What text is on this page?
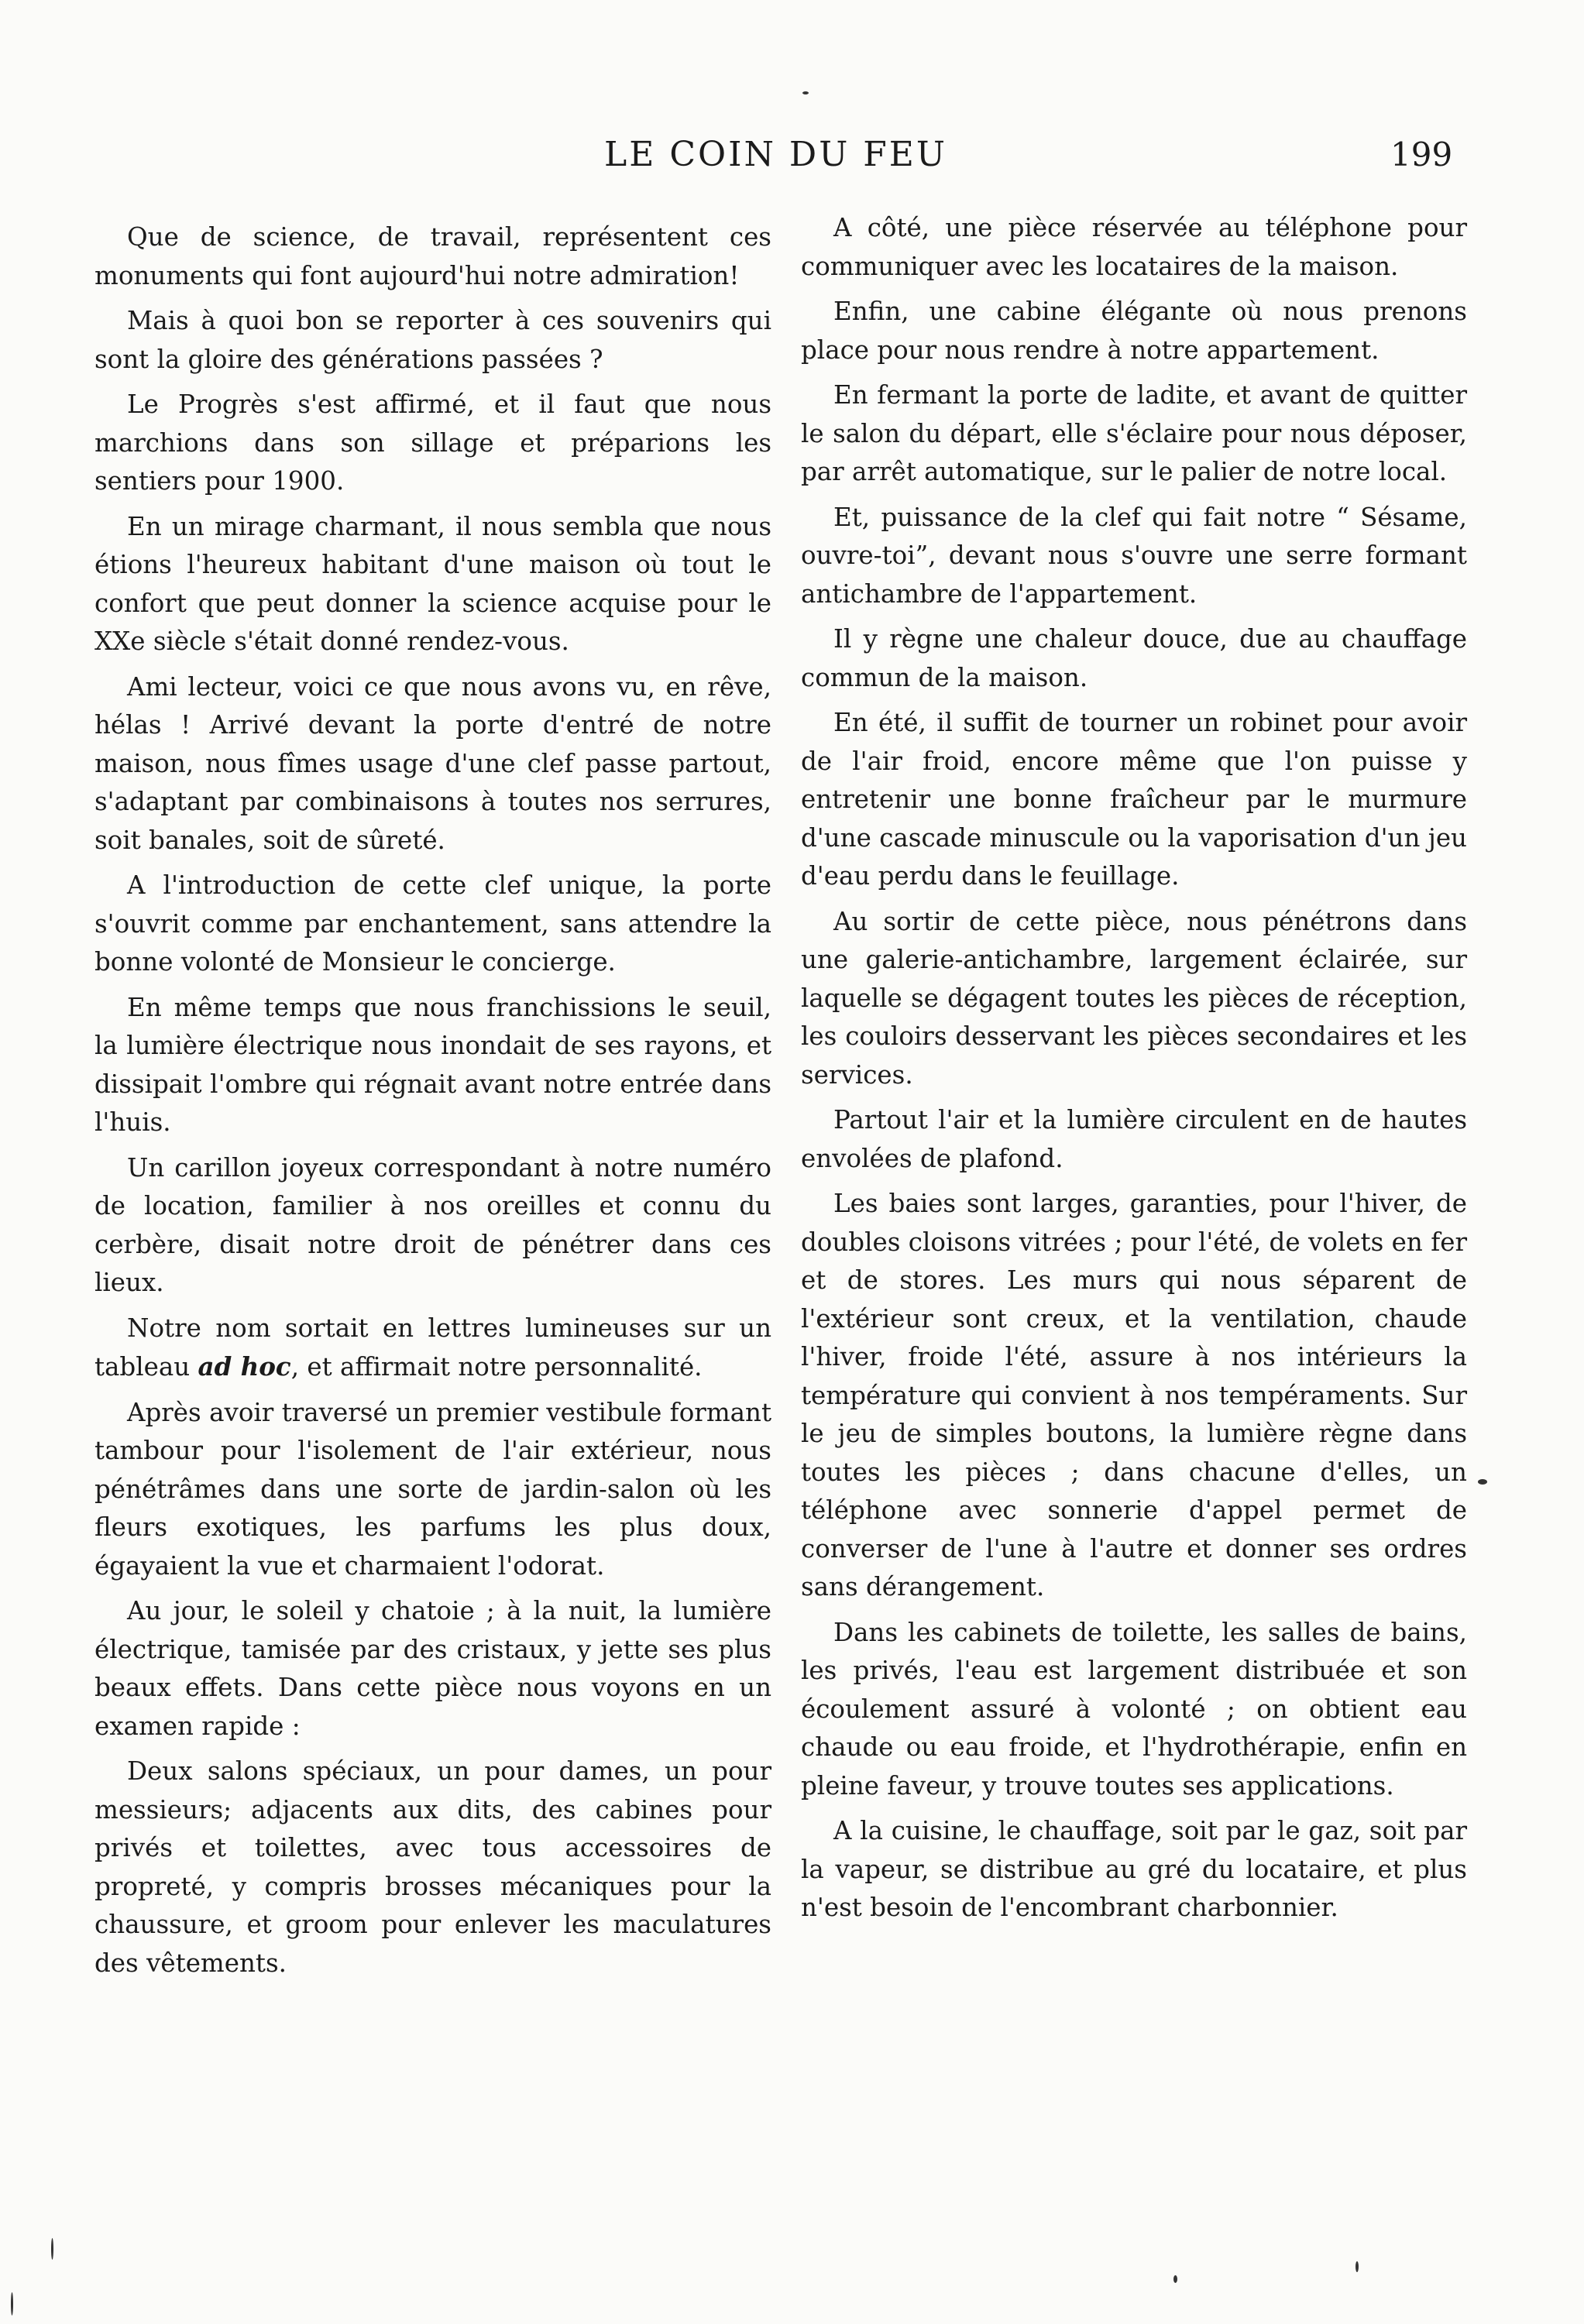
LE COIN DU FEU	199

Que de science, de travail, représentent ces monuments qui font aujourd'hui notre admiration!

Mais à quoi bon se reporter à ces souvenirs qui sont la gloire des générations passées ?

Le Progrès s'est affirmé, et il faut que nous marchions dans son sillage et préparions les sentiers pour 1900.

En un mirage charmant, il nous sembla que nous étions l'heureux habitant d'une maison où tout le confort que peut donner la science acquise pour le XXe siècle s'était donné rendez-vous.

Ami lecteur, voici ce que nous avons vu, en rêve, hélas ! Arrivé devant la porte d'entré de notre maison, nous fîmes usage d'une clef passe partout, s'adaptant par combinaisons à toutes nos serrures, soit banales, soit de sûreté.

A l'introduction de cette clef unique, la porte s'ouvrit comme par enchantement, sans attendre la bonne volonté de Monsieur le concierge.

En même temps que nous franchissions le seuil, la lumière électrique nous inondait de ses rayons, et dissipait l'ombre qui régnait avant notre entrée dans l'huis.

Un carillon joyeux correspondant à notre numéro de location, familier à nos oreilles et connu du cerbère, disait notre droit de pénétrer dans ces lieux.

Notre nom sortait en lettres lumineuses sur un tableau ad hoc, et affirmait notre personnalité.

Après avoir traversé un premier vestibule formant tambour pour l'isolement de l'air extérieur, nous pénétrâmes dans une sorte de jardin-salon où les fleurs exotiques, les parfums les plus doux, égayaient la vue et charmaient l'odorat.

Au jour, le soleil y chatoie ; à la nuit, la lumière électrique, tamisée par des cristaux, y jette ses plus beaux effets. Dans cette pièce nous voyons en un examen rapide :

Deux salons spéciaux, un pour dames, un pour messieurs; adjacents aux dits, des cabines pour privés et toilettes, avec tous accessoires de propreté, y compris brosses mécaniques pour la chaussure, et groom pour enlever les maculatures des vêtements.

A côté, une pièce réservée au téléphone pour communiquer avec les locataires de la maison.

Enfin, une cabine élégante où nous prenons place pour nous rendre à notre appartement.

En fermant la porte de ladite, et avant de quitter le salon du départ, elle s'éclaire pour nous déposer, par arrêt automatique, sur le palier de notre local.

Et, puissance de la clef qui fait notre “ Sésame, ouvre-toi”, devant nous s'ouvre une serre formant antichambre de l'appartement.

Il y règne une chaleur douce, due au chauffage commun de la maison.

En été, il suffit de tourner un robinet pour avoir de l'air froid, encore même que l'on puisse y entretenir une bonne fraîcheur par le murmure d'une cascade minuscule ou la vaporisation d'un jeu d'eau perdu dans le feuillage.

Au sortir de cette pièce, nous pénétrons dans une galerie-antichambre, largement éclairée, sur laquelle se dégagent toutes les pièces de réception, les couloirs desservant les pièces secondaires et les services.

Partout l'air et la lumière circulent en de hautes envolées de plafond.

Les baies sont larges, garanties, pour l'hiver, de doubles cloisons vitrées ; pour l'été, de volets en fer et de stores. Les murs qui nous séparent de l'extérieur sont creux, et la ventilation, chaude l'hiver, froide l'été, assure à nos intérieurs la température qui convient à nos tempéraments. Sur le jeu de simples boutons, la lumière règne dans toutes les pièces ; dans chacune d'elles, un téléphone avec sonnerie d'appel permet de converser de l'une à l'autre et donner ses ordres sans dérangement.

Dans les cabinets de toilette, les salles de bains, les privés, l'eau est largement distribuée et son écoulement assuré à volonté ; on obtient eau chaude ou eau froide, et l'hydrothérapie, enfin en pleine faveur, y trouve toutes ses applications.

A la cuisine, le chauffage, soit par le gaz, soit par la vapeur, se distribue au gré du locataire, et plus n'est besoin de l'encombrant charbonnier.
